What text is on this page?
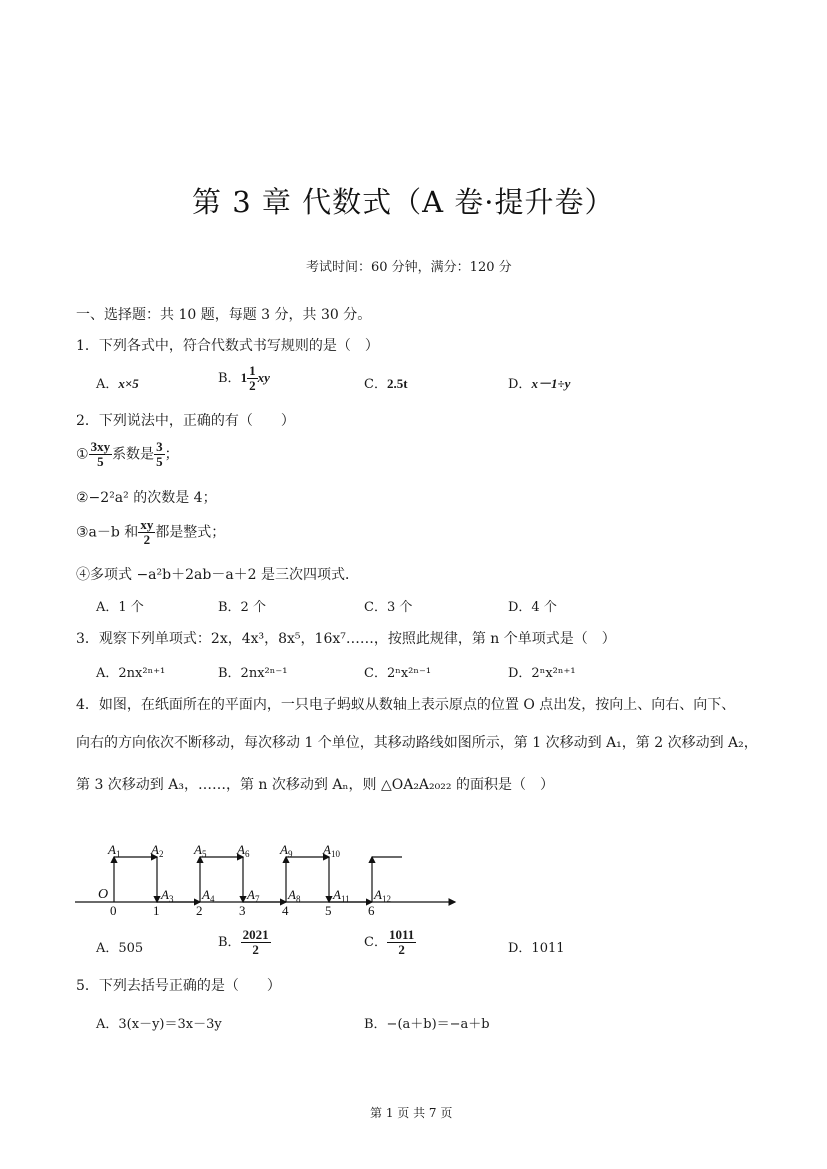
第 3 章 代数式（A 卷·提升卷）
考试时间：60 分钟，满分：120 分
一、选择题：共 10 题，每题 3 分，共 30 分。
1．下列各式中，符合代数式书写规则的是（　）
A．x×5	B．$1 \frac{1}{2}$ xy	C．2.5t	D．x－1÷y
2．下列说法中，正确的有（　　）
① $\frac{3xy}{5}$ 系数是 $\frac{3}{5}$ ；
②−2²a² 的次数是 4；
③a－b 和 $\frac{xy}{2}$ 都是整式；
④多项式 −a²b＋2ab－a＋2 是三次四项式．
A．1 个	B．2 个	C．3 个	D．4 个
3．观察下列单项式：2x，4x³，8x⁵，16x⁷……，按照此规律，第 n 个单项式是（　）
A．2nx²ⁿ⁺¹	B．2nx²ⁿ⁻¹	C．2ⁿx²ⁿ⁻¹	D．2ⁿx²ⁿ⁺¹
4．如图，在纸面所在的平面内，一只电子蚂蚁从数轴上表示原点的位置 O 点出发，按向上、向右、向下、
向右的方向依次不断移动，每次移动 1 个单位，其移动路线如图所示，第 1 次移动到 A₁，第 2 次移动到 A₂，
第 3 次移动到 A₃，……，第 n 次移动到 Aₙ，则 △OA₂A₂₀₂₂ 的面积是（　）
0	1	2	3	4	5	6
O
$A_1$ $A_2$
$A_3$ $A_4$
$A_5$ $A_6$
$A_7$ $A_8$
$A_9$ $A_{10}$
$A_{11}$ $A_{12}$
A．505	B． $\frac{2021}{2}$	C． $\frac{1011}{2}$	D．1011
5．下列去括号正确的是（　　）
A．3(x－y)＝3x－3y	B．−(a＋b)＝−a＋b
第 1 页 共 7 页
